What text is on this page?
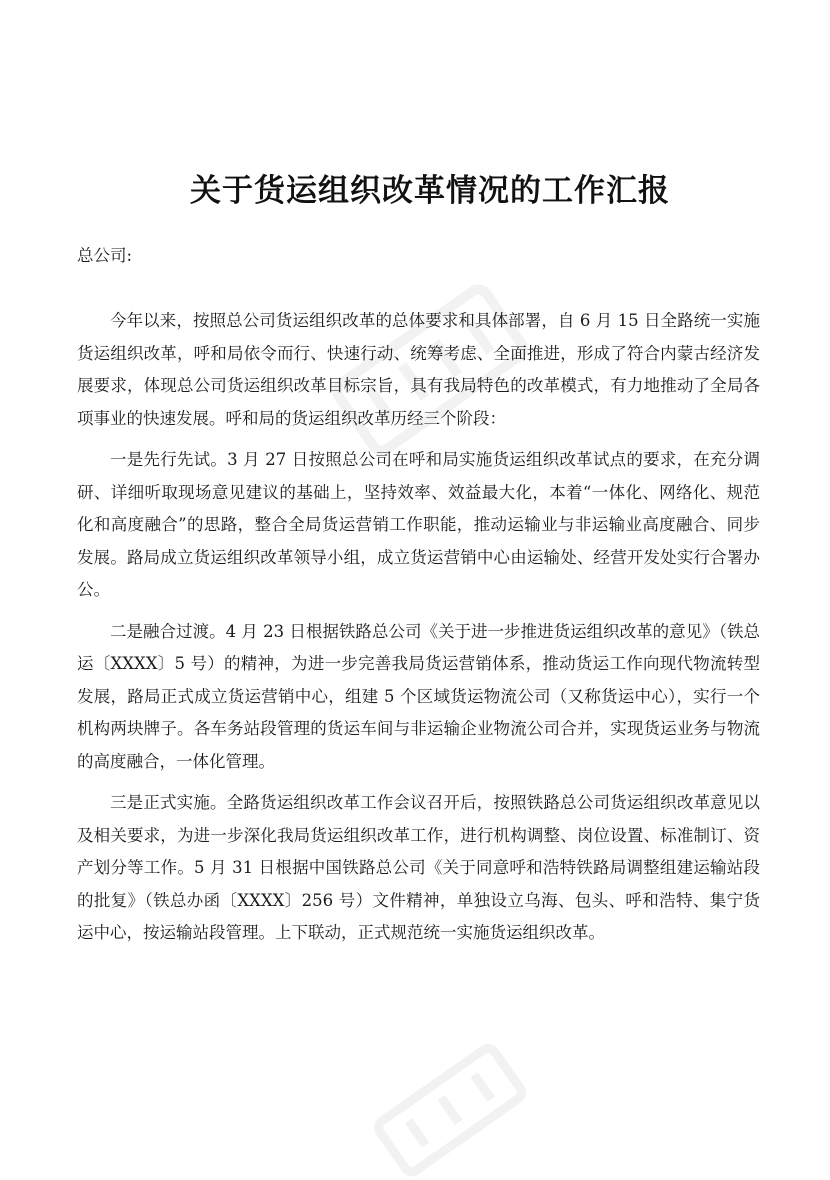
关于货运组织改革情况的工作汇报
总公司:

今年以来，按照总公司货运组织改革的总体要求和具体部署，自 6 月 15 日全路统一实施货运组织改革，呼和局依令而行、快速行动、统筹考虑、全面推进，形成了符合内蒙古经济发展要求，体现总公司货运组织改革目标宗旨，具有我局特色的改革模式，有力地推动了全局各项事业的快速发展。呼和局的货运组织改革历经三个阶段：

一是先行先试。3 月 27 日按照总公司在呼和局实施货运组织改革试点的要求，在充分调研、详细听取现场意见建议的基础上，坚持效率、效益最大化，本着“一体化、网络化、规范化和高度融合”的思路，整合全局货运营销工作职能，推动运输业与非运输业高度融合、同步发展。路局成立货运组织改革领导小组，成立货运营销中心由运输处、经营开发处实行合署办公。

二是融合过渡。4 月 23 日根据铁路总公司《关于进一步推进货运组织改革的意见》（铁总运〔XXXX〕5 号）的精神，为进一步完善我局货运营销体系，推动货运工作向现代物流转型发展，路局正式成立货运营销中心，组建 5 个区域货运物流公司（又称货运中心），实行一个机构两块牌子。各车务站段管理的货运车间与非运输企业物流公司合并，实现货运业务与物流的高度融合，一体化管理。

三是正式实施。全路货运组织改革工作会议召开后，按照铁路总公司货运组织改革意见以及相关要求，为进一步深化我局货运组织改革工作，进行机构调整、岗位设置、标准制订、资产划分等工作。5 月 31 日根据中国铁路总公司《关于同意呼和浩特铁路局调整组建运输站段的批复》（铁总办函〔XXXX〕256 号）文件精神，单独设立乌海、包头、呼和浩特、集宁货运中心，按运输站段管理。上下联动，正式规范统一实施货运组织改革。
